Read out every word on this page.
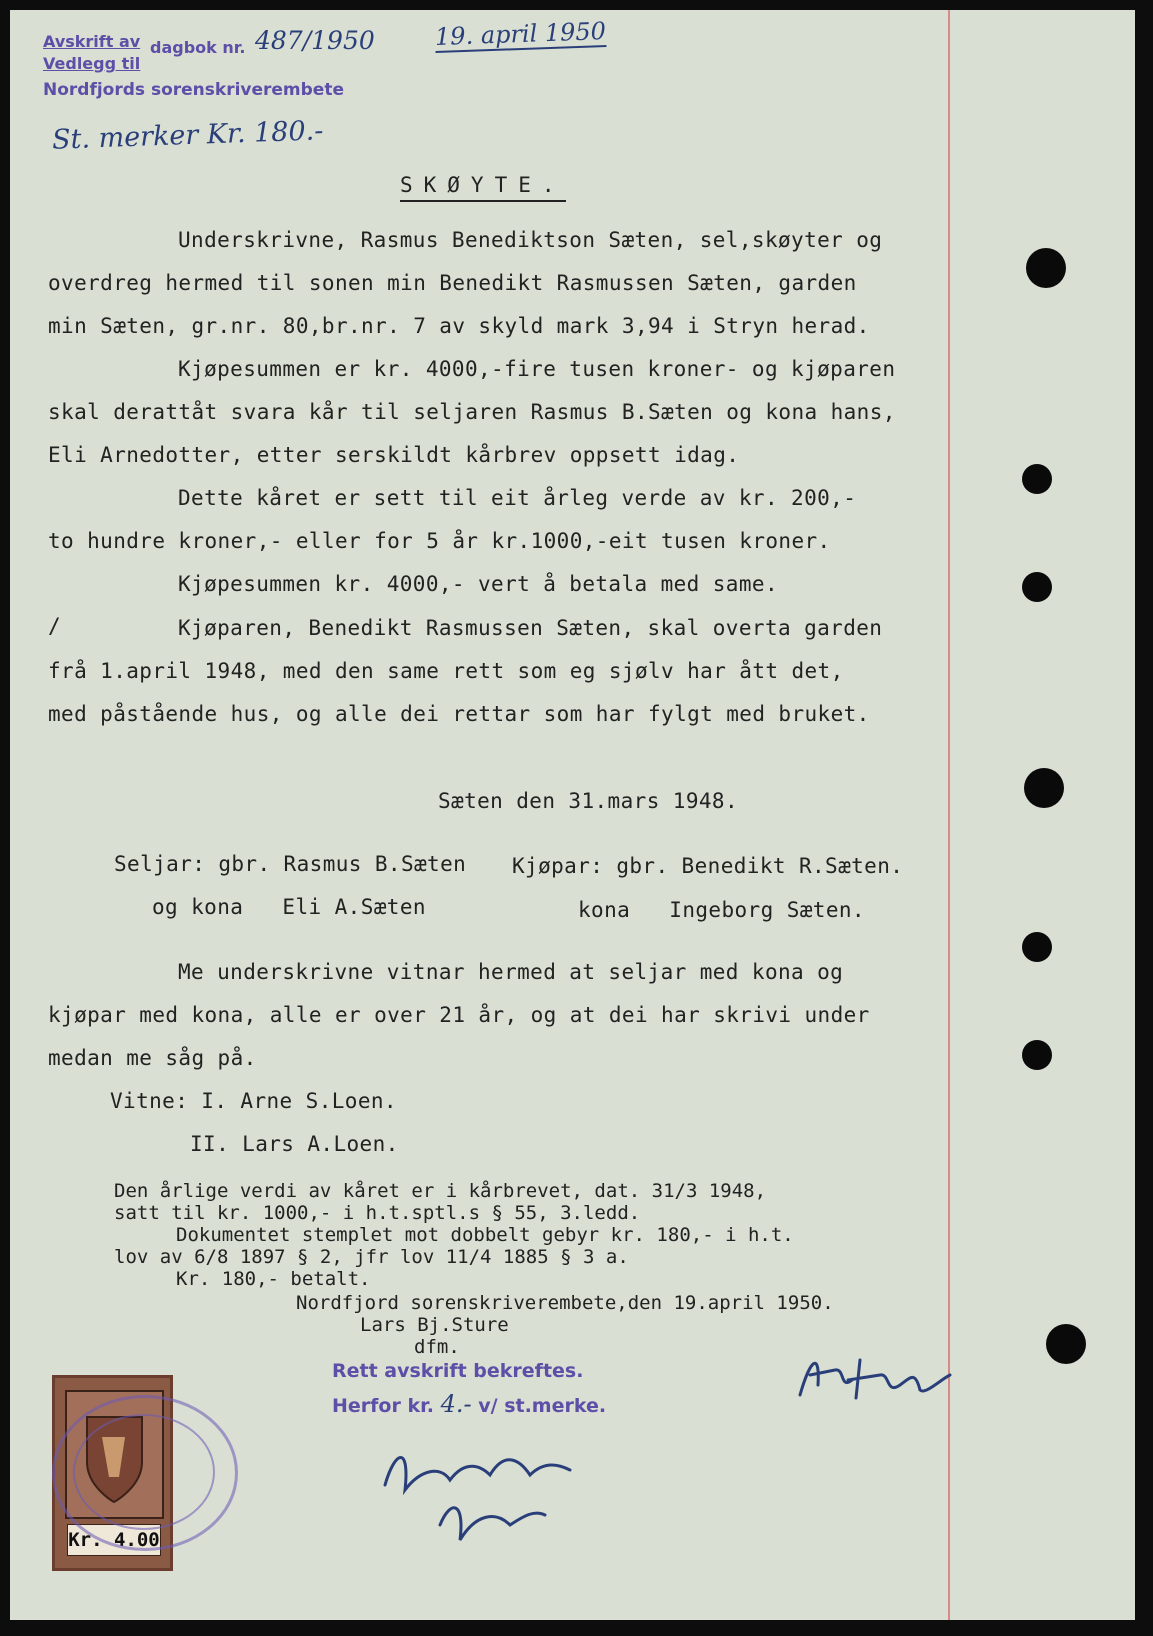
Avskrift av dagbok nr. 487/1950
Vedlegg til
Nordfjords sorenskriverembete
19. april 1950
St. merker Kr. 180.-
SKØYTE.
Underskrivne, Rasmus Benediktson Sæten, sel,skøyter og
overdreg hermed til sonen min Benedikt Rasmussen Sæten, garden
min Sæten, gr.nr. 80,br.nr. 7 av skyld mark 3,94 i Stryn herad.
Kjøpesummen er kr. 4000,-fire tusen kroner- og kjøparen
skal derattåt svara kår til seljaren Rasmus B.Sæten og kona hans,
Eli Arnedotter, etter serskildt kårbrev oppsett idag.
Dette kåret er sett til eit årleg verde av kr. 200,-
to hundre kroner,- eller for 5 år kr.1000,-eit tusen kroner.
Kjøpesummen kr. 4000,- vert å betala med same.
/	Kjøparen, Benedikt Rasmussen Sæten, skal overta garden
frå 1.april 1948, med den same rett som eg sjølv har ått det,
med påstående hus, og alle dei rettar som har fylgt med bruket.
Sæten den 31.mars 1948.
Seljar: gbr. Rasmus B.Sæten Kjøpar: gbr. Benedikt R.Sæten.
og kona   Eli A.Sæten	kona   Ingeborg Sæten.
Me underskrivne vitnar hermed at seljar med kona og
kjøpar med kona, alle er over 21 år, og at dei har skrivi under
medan me såg på.
Vitne: I. Arne S.Loen.
II. Lars A.Loen.
Den årlige verdi av kåret er i kårbrevet, dat. 31/3 1948,
satt til kr. 1000,- i h.t.sptl.s § 55, 3.ledd.
Dokumentet stemplet mot dobbelt gebyr kr. 180,- i h.t.
lov av 6/8 1897 § 2, jfr lov 11/4 1885 § 3 a.
Kr. 180,- betalt.
Nordfjord sorenskriverembete,den 19.april 1950.
Lars Bj.Sture
dfm.
Rett avskrift bekreftes.
Herfor kr. 4.- v/ st.merke.
Kr. 4.00
